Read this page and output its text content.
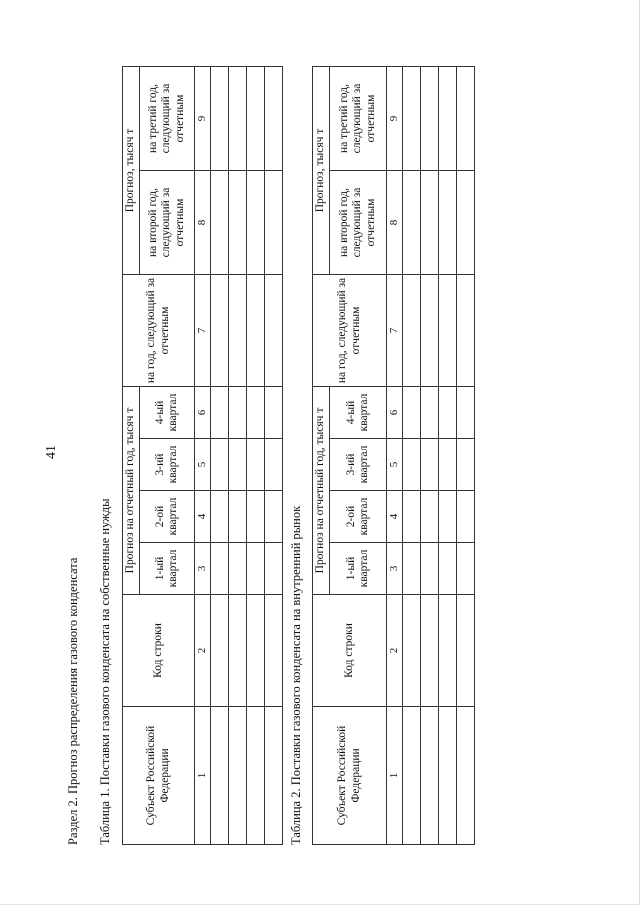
41
Раздел 2. Прогноз распределения газового конденсата Таблица 1. Поставки газового конденсата на собственные нужды	Субъект Российской Федерации	Код строки	Прогноз на отчетный год, тысяч т				на год, следующий за отчетным	Прогноз, тысяч т	
		1-ый квартал	2-ой квартал	3-ий квартал	4-ый квартал		на второй год, следующий за отчетным	на третий год, следующий за отчетным
1	2	3	4	5	6	7	8	9

Таблица 2. Поставки газового конденсата на внутренний рынок	Субъект Российской Федерации	Код строки	Прогноз на отчетный год, тысяч т				на год, следующий за отчетным	Прогноз, тысяч т	
		1-ый квартал	2-ой квартал	3-ий квартал	4-ый квартал		на второй год, следующий за отчетным	на третий год, следующий за отчетным
1	2	3	4	5	6	7	8	9
